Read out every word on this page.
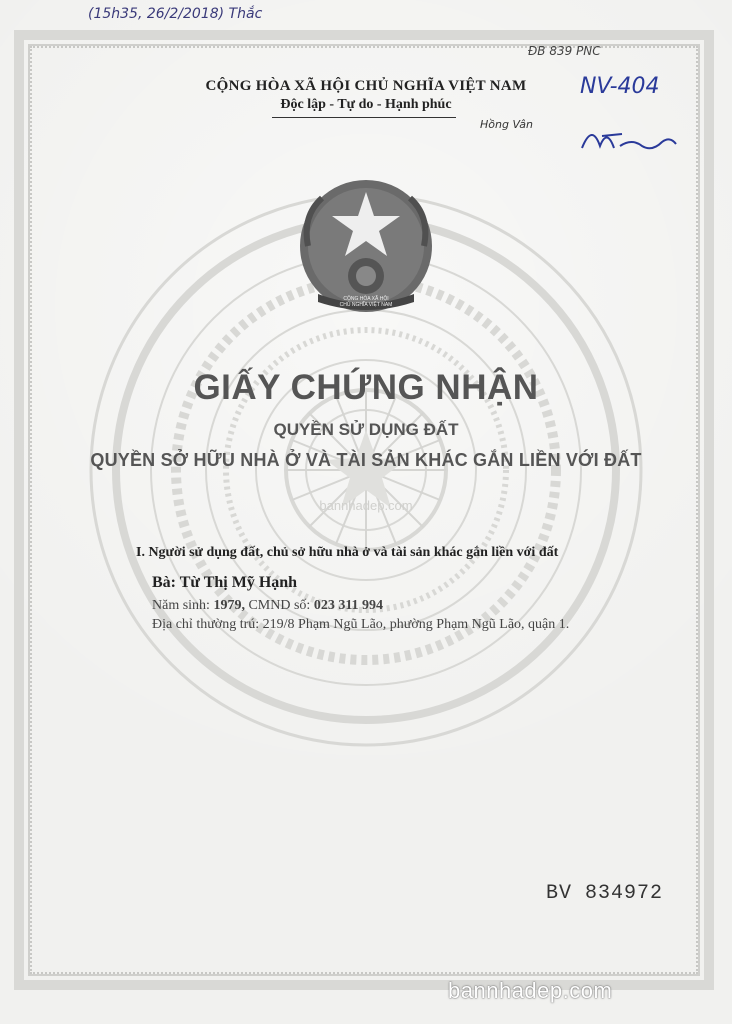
CỘNG HÒA XÃ HỘI CHỦ NGHĨA VIỆT NAM
(15h35, 26/2/2018) Thắc
ĐB 839 PNC
NV-404
Hồng Vân
CỘNG HÒA XÃ HỘI CHỦ NGHĨA VIỆT NAM
Độc lập - Tự do - Hạnh phúc
GIẤY CHỨNG NHẬN
QUYỀN SỬ DỤNG ĐẤT
QUYỀN SỞ HỮU NHÀ Ở VÀ TÀI SẢN KHÁC GẮN LIỀN VỚI ĐẤT
bannhadep.com
I. Người sử dụng đất, chủ sở hữu nhà ở và tài sản khác gắn liền với đất
Bà: Từ Thị Mỹ Hạnh
Năm sinh: 1979, CMND số: 023 311 994
Địa chỉ thường trú: 219/8 Phạm Ngũ Lão, phường Phạm Ngũ Lão, quận 1.
BV 834972
bannhadep.com
